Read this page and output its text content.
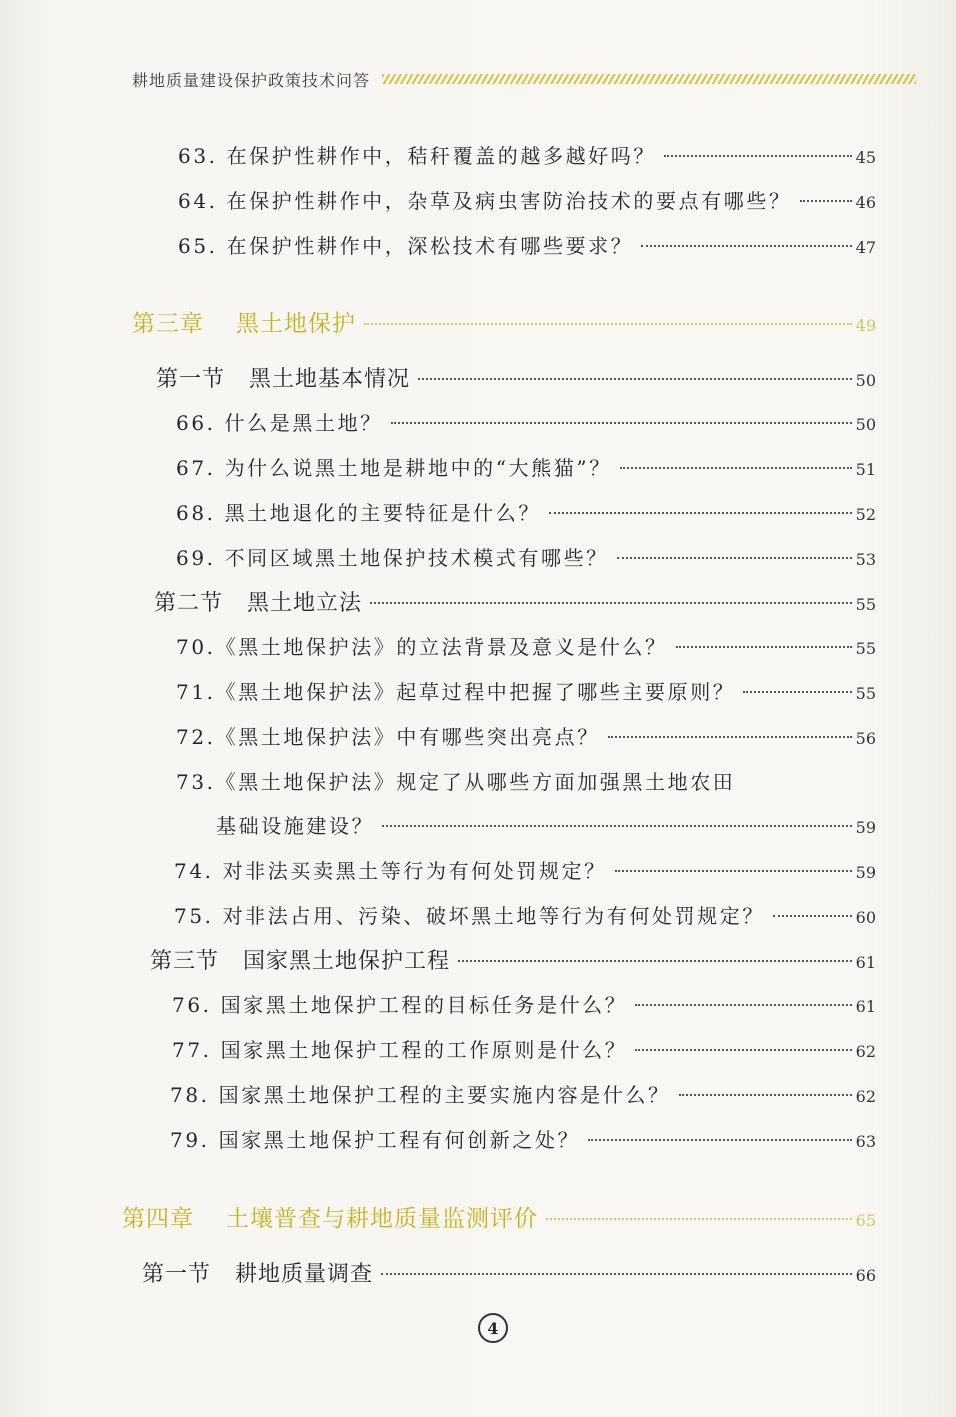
耕地质量建设保护政策技术问答
63. 在保护性耕作中，秸秆覆盖的越多越好吗？	45
64. 在保护性耕作中，杂草及病虫害防治技术的要点有哪些？	46
65. 在保护性耕作中，深松技术有哪些要求？	47
第三章 黑土地保护	49
第一节 黑土地基本情况	50
66. 什么是黑土地？	50
67. 为什么说黑土地是耕地中的“大熊猫”？	51
68. 黑土地退化的主要特征是什么？	52
69. 不同区域黑土地保护技术模式有哪些？	53
第二节 黑土地立法	55
70.《黑土地保护法》的立法背景及意义是什么？	55
71.《黑土地保护法》起草过程中把握了哪些主要原则？	55
72.《黑土地保护法》中有哪些突出亮点？	56
73.《黑土地保护法》规定了从哪些方面加强黑土地农田
基础设施建设？	59
74. 对非法买卖黑土等行为有何处罚规定？	59
75. 对非法占用、污染、破坏黑土地等行为有何处罚规定？	60
第三节 国家黑土地保护工程	61
76. 国家黑土地保护工程的目标任务是什么？	61
77. 国家黑土地保护工程的工作原则是什么？	62
78. 国家黑土地保护工程的主要实施内容是什么？	62
79. 国家黑土地保护工程有何创新之处？	63
第四章 土壤普查与耕地质量监测评价	65
第一节 耕地质量调查	66
4
